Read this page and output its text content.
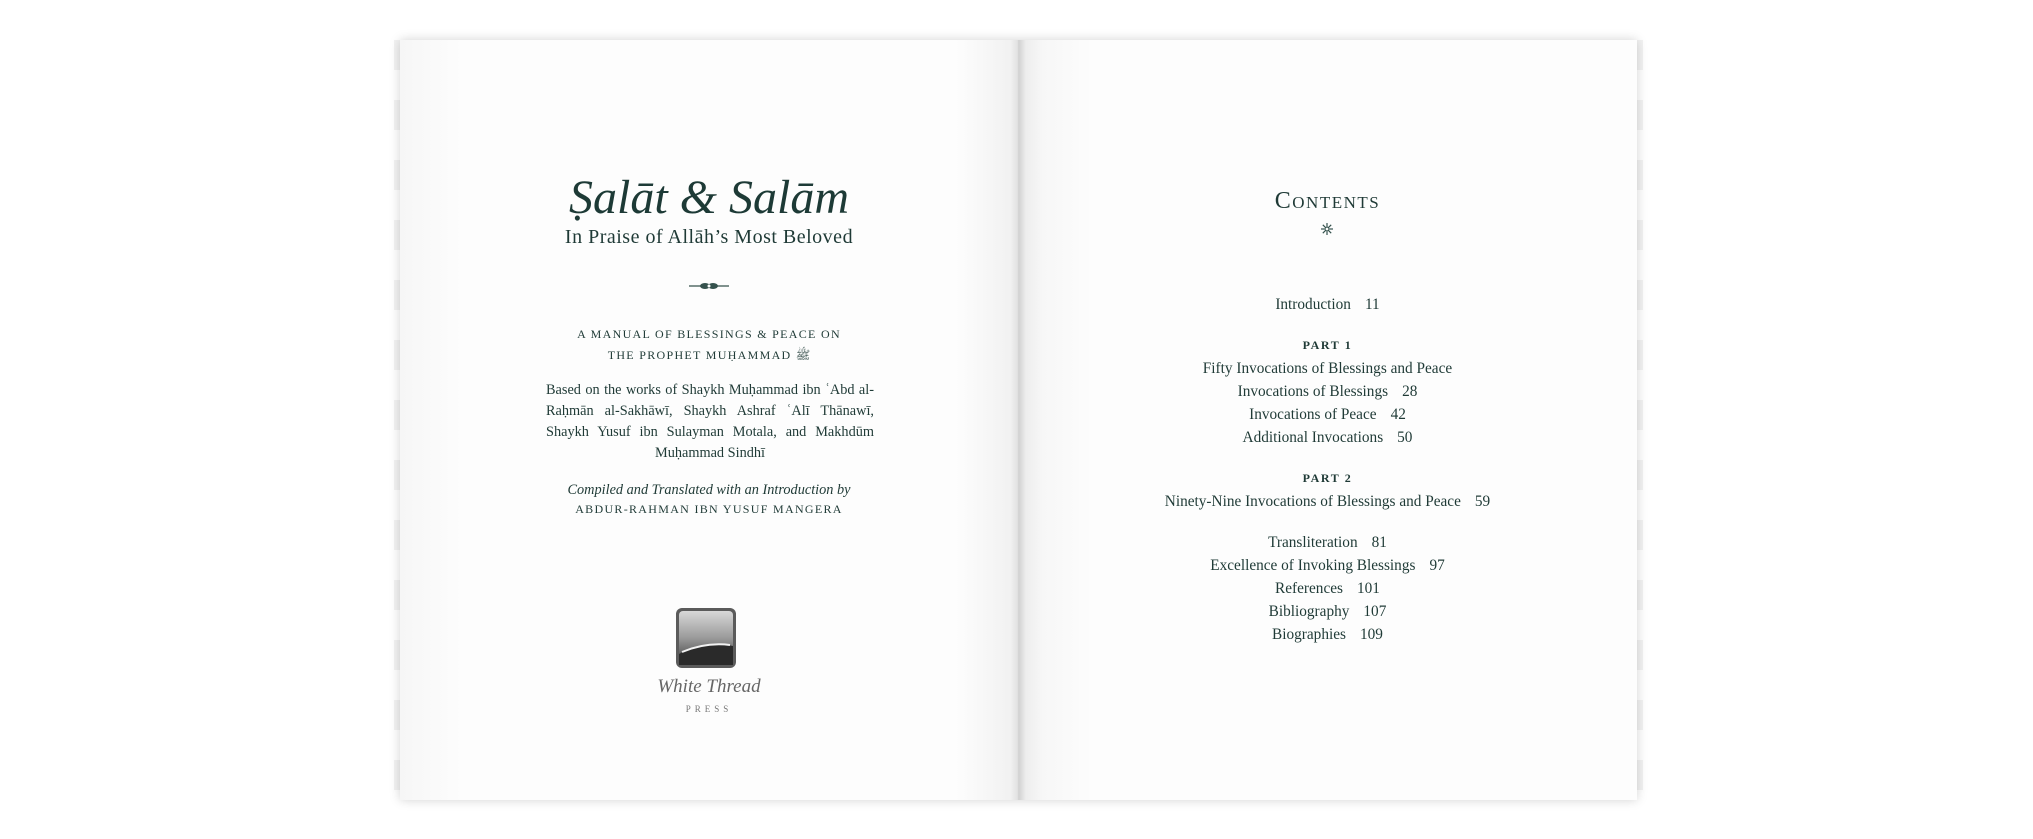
Ṣalāt & Salām
In Praise of Allāh’s Most Beloved
A MANUAL OF BLESSINGS & PEACE ON
THE PROPHET MUḤAMMAD ﷺ
Based on the works of Shaykh Muḥammad ibn ʿAbd al-Raḥmān al-Sakhāwī, Shaykh Ashraf ʿAlī Thānawī, Shaykh Yusuf ibn Sulayman Motala, and Makhdūm Muḥammad Sindhī
Compiled and Translated with an Introduction by
ABDUR-RAHMAN IBN YUSUF MANGERA
White Thread
PRESS
Contents
Introduction 11
PART 1
Fifty Invocations of Blessings and Peace
Invocations of Blessings 28
Invocations of Peace 42
Additional Invocations 50
PART 2
Ninety-Nine Invocations of Blessings and Peace 59
Transliteration 81
Excellence of Invoking Blessings 97
References 101
Bibliography 107
Biographies 109
